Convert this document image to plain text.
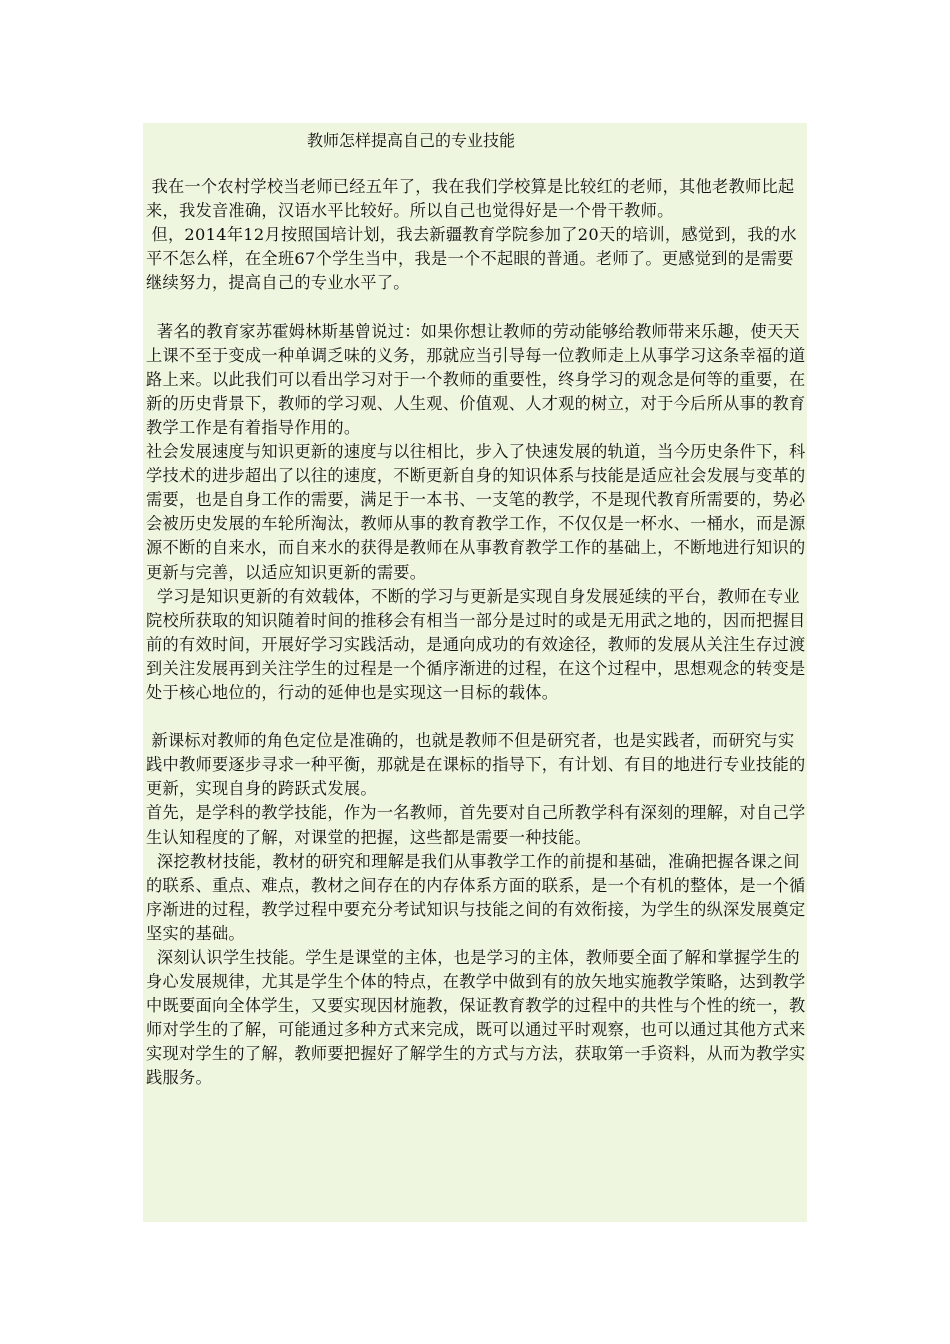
教师怎样提高自己的专业技能

我在一个农村学校当老师已经五年了，我在我们学校算是比较红的老师，其他老教师比起来，我发音准确，汉语水平比较好。所以自己也觉得好是一个骨干教师。

但，2014年12月按照国培计划，我去新疆教育学院参加了20天的培训，感觉到，我的水平不怎么样，在全班67个学生当中，我是一个不起眼的普通。老师了。更感觉到的是需要继续努力，提高自己的专业水平了。

著名的教育家苏霍姆林斯基曾说过：如果你想让教师的劳动能够给教师带来乐趣，使天天上课不至于变成一种单调乏味的义务，那就应当引导每一位教师走上从事学习这条幸福的道路上来。以此我们可以看出学习对于一个教师的重要性，终身学习的观念是何等的重要，在新的历史背景下，教师的学习观、人生观、价值观、人才观的树立，对于今后所从事的教育教学工作是有着指导作用的。

社会发展速度与知识更新的速度与以往相比，步入了快速发展的轨道，当今历史条件下，科学技术的进步超出了以往的速度，不断更新自身的知识体系与技能是适应社会发展与变革的需要，也是自身工作的需要，满足于一本书、一支笔的教学，不是现代教育所需要的，势必会被历史发展的车轮所淘汰，教师从事的教育教学工作，不仅仅是一杯水、一桶水，而是源源不断的自来水，而自来水的获得是教师在从事教育教学工作的基础上，不断地进行知识的更新与完善，以适应知识更新的需要。

学习是知识更新的有效载体，不断的学习与更新是实现自身发展延续的平台，教师在专业院校所获取的知识随着时间的推移会有相当一部分是过时的或是无用武之地的，因而把握目前的有效时间，开展好学习实践活动，是通向成功的有效途径，教师的发展从关注生存过渡到关注发展再到关注学生的过程是一个循序渐进的过程，在这个过程中，思想观念的转变是处于核心地位的，行动的延伸也是实现这一目标的载体。

新课标对教师的角色定位是准确的，也就是教师不但是研究者，也是实践者，而研究与实践中教师要逐步寻求一种平衡，那就是在课标的指导下，有计划、有目的地进行专业技能的更新，实现自身的跨跃式发展。

首先，是学科的教学技能，作为一名教师，首先要对自己所教学科有深刻的理解，对自己学生认知程度的了解，对课堂的把握，这些都是需要一种技能。

深挖教材技能，教材的研究和理解是我们从事教学工作的前提和基础，准确把握各课之间的联系、重点、难点，教材之间存在的内存体系方面的联系，是一个有机的整体，是一个循序渐进的过程，教学过程中要充分考试知识与技能之间的有效衔接，为学生的纵深发展奠定坚实的基础。

深刻认识学生技能。学生是课堂的主体，也是学习的主体，教师要全面了解和掌握学生的身心发展规律，尤其是学生个体的特点，在教学中做到有的放矢地实施教学策略，达到教学中既要面向全体学生，又要实现因材施教，保证教育教学的过程中的共性与个性的统一，教师对学生的了解，可能通过多种方式来完成，既可以通过平时观察，也可以通过其他方式来实现对学生的了解，教师要把握好了解学生的方式与方法，获取第一手资料，从而为教学实践服务。
